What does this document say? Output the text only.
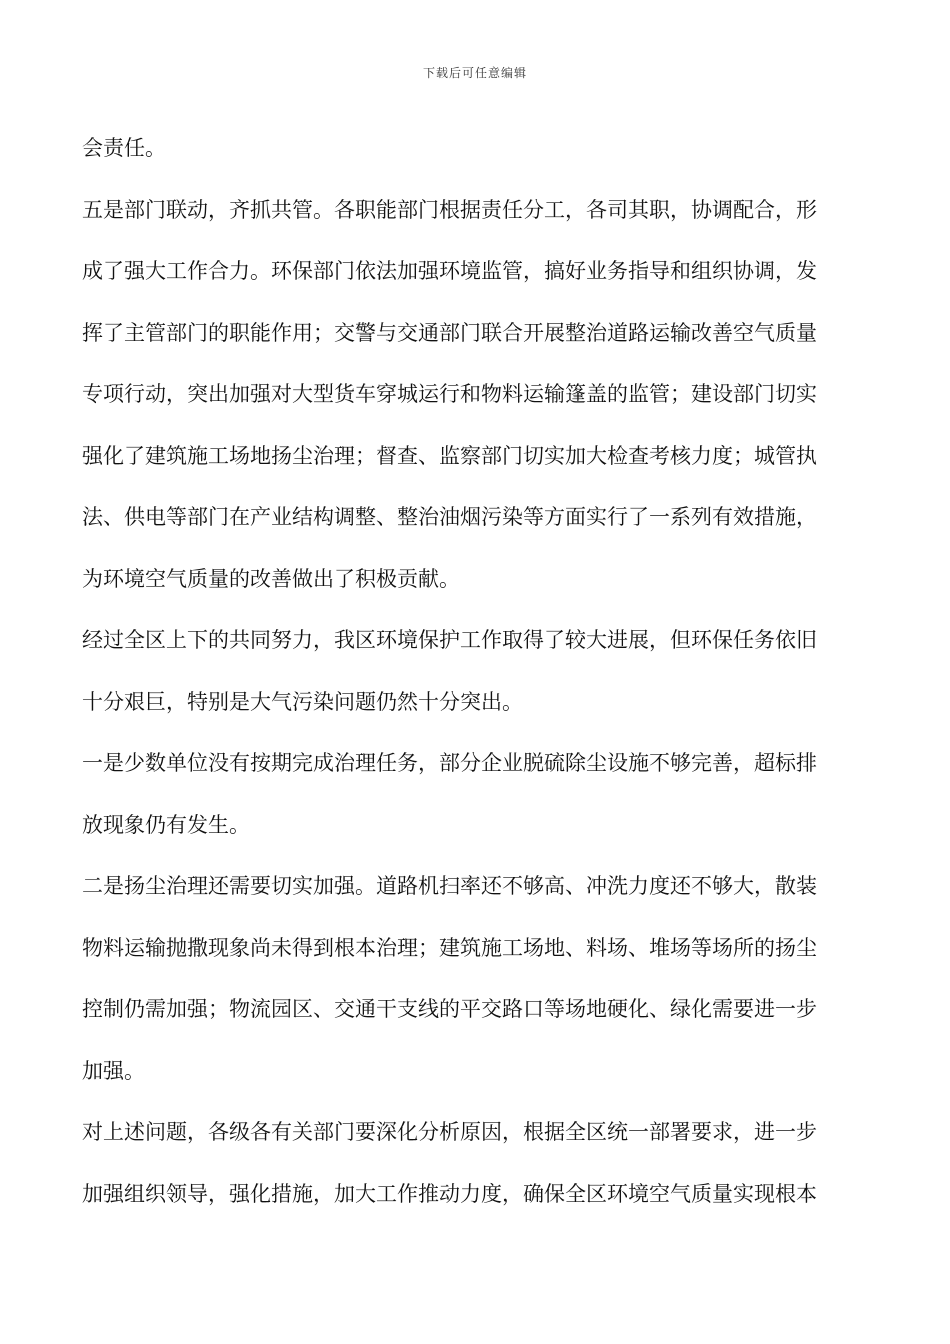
下载后可任意编辑

会责任。

五是部门联动，齐抓共管。各职能部门根据责任分工，各司其职，协调配合，形

成了强大工作合力。环保部门依法加强环境监管，搞好业务指导和组织协调，发

挥了主管部门的职能作用；交警与交通部门联合开展整治道路运输改善空气质量

专项行动，突出加强对大型货车穿城运行和物料运输篷盖的监管；建设部门切实

强化了建筑施工场地扬尘治理；督查、监察部门切实加大检查考核力度；城管执

法、供电等部门在产业结构调整、整治油烟污染等方面实行了一系列有效措施，

为环境空气质量的改善做出了积极贡献。

经过全区上下的共同努力，我区环境保护工作取得了较大进展，但环保任务依旧

十分艰巨，特别是大气污染问题仍然十分突出。

一是少数单位没有按期完成治理任务，部分企业脱硫除尘设施不够完善，超标排

放现象仍有发生。

二是扬尘治理还需要切实加强。道路机扫率还不够高、冲洗力度还不够大，散装

物料运输抛撒现象尚未得到根本治理；建筑施工场地、料场、堆场等场所的扬尘

控制仍需加强；物流园区、交通干支线的平交路口等场地硬化、绿化需要进一步

加强。

对上述问题，各级各有关部门要深化分析原因，根据全区统一部署要求，进一步

加强组织领导，强化措施，加大工作推动力度，确保全区环境空气质量实现根本
